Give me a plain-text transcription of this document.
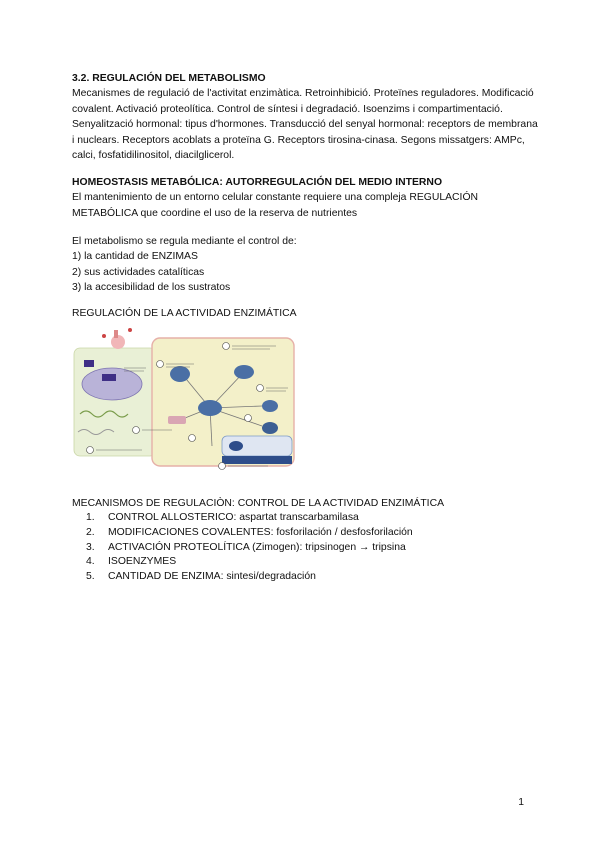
3.2. REGULACIÓN DEL METABOLISMO

Mecanismes de regulació de l'activitat enzimàtica. Retroinhibició. Proteïnes reguladores. Modificació covalent. Activació proteolítica. Control de síntesi i degradació. Isoenzims i compartimentació. Senyalització hormonal: tipus d'hormones. Transducció del senyal hormonal: receptors de membrana i nuclears. Receptors acoblats a proteïna G. Receptors tirosina-cinasa. Segons missatgers: AMPc, calci, fosfatidilinositol, diacilglicerol.

HOMEOSTASIS METABÓLICA: AUTORREGULACIÓN DEL MEDIO INTERNO

El mantenimiento de un entorno celular constante requiere una compleja REGULACIÓN

METABÓLICA que coordine el uso de la reserva de nutrientes

El metabolismo se regula mediante el control de:

1) la cantidad de ENZIMAS

2) sus actividades catalíticas

3) la accesibilidad de los sustratos

REGULACIÓN DE LA ACTIVIDAD ENZIMÁTICA

MECANISMOS DE REGULACIÒN: CONTROL DE LA ACTIVIDAD ENZIMÁTICA

1.	CONTROL ALLOSTERICO: aspartat transcarbamilasa
2.	MODIFICACIONES COVALENTES: fosforilación / desfosforilación
3.	ACTIVACIÓN PROTEOLÍTICA (Zimogen): tripsinogen → tripsina
4.	ISOENZYMES
5.	CANTIDAD DE ENZIMA: sintesi/degradación
1
